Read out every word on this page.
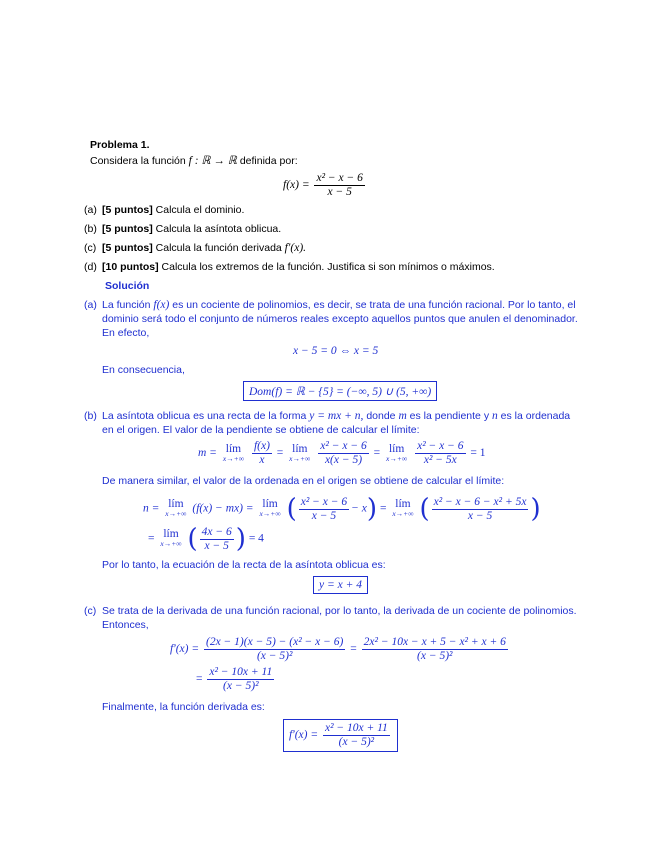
Problema 1.
Considera la función f : ℝ → ℝ definida por:
$f(x) = \frac{\text{x² − x − 6}}{x - 5}$
(a) [5 puntos] Calcula el dominio.
(b) [5 puntos] Calcula la asíntota oblicua.
(c) [5 puntos] Calcula la función derivada f′(x).
(d) [10 puntos] Calcula los extremos de la función. Justifica si son mínimos o máximos.
Solución
(a) La función f(x) es un cociente de polinomios, es decir, se trata de una función racional. Por lo tanto, el
dominio será todo el conjunto de números reales excepto aquellos puntos que anulen el denominador.
En efecto,
x − 5 = 0 ⇔ x = 5
En consecuencia,
Dom(f) = ℝ − {5} = (−∞, 5) ∪ (5, +∞)
(b) La asíntota oblicua es una recta de la forma y = mx + n, donde m es la pendiente y n es la ordenada
en el origen. El valor de la pendiente se obtiene de calcular el límite:
m = lím
x→+∞
$\frac{f(x)}{x}$ = lím
x→+∞
$\frac{\text{x² − x − 6}}{x(x - 5)}$ = lím
x→+∞
$\frac{\text{x² − x − 6}}{\text{x² − 5x}} = 1$
De manera similar, el valor de la ordenada en el origen se obtiene de calcular el límite:
n = lím
x→+∞ (f(x) − mx) = lím
x→+∞ ( $\frac{\text{x² − x − 6}}{x - 5} - x$) = lím
x→+∞ ( $\frac{\text{x² − x − 6 − x² + 5x}}{x - 5}$ )
= lím
x→+∞ ( $\frac{4x - 6}{x - 5}$ ) = 4
Por lo tanto, la ecuación de la recta de la asíntota oblicua es:
y = x + 4
(c) Se trata de la derivada de una función racional, por lo tanto, la derivada de un cociente de polinomios.
Entonces,
$f'(x) = \frac{\text{(2x − 1)(x − 5) − (x² − x − 6)}}{\text{(x − 5)²}} = \frac{\text{2x² − 10x − x + 5 − x² + x + 6}}{\text{(x − 5)²}}$
= $\frac{\text{x² − 10x + 11}}{\text{(x − 5)²}}$
Finalmente, la función derivada es:
$f'(x) = \frac{\text{x² − 10x + 11}}{\text{(x − 5)²}}$
